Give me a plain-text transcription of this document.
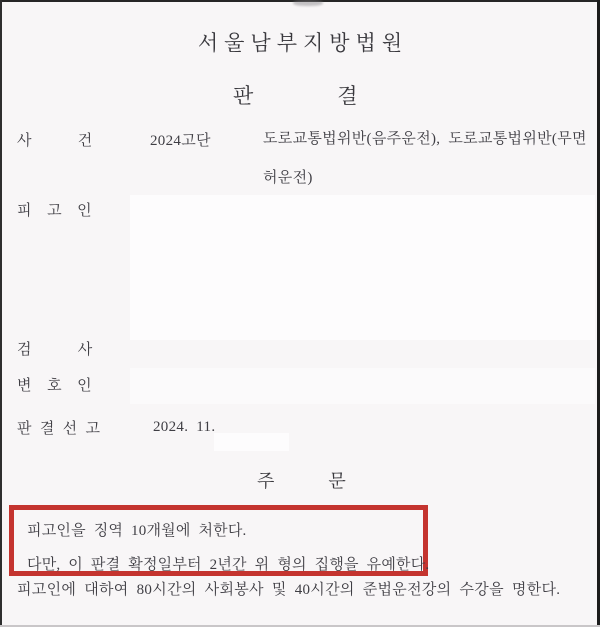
서울남부지방법원
판　　　　결
사　　　건	2024고단	도로교통법위반(음주운전), 도로교통법위반(무면
허운전)
피　고　인
검　　　사
변　호　인
판 결 선 고	2024. 11.
주　　　문
피고인을 징역 10개월에 처한다.
다만, 이 판결 확정일부터 2년간 위 형의 집행을 유예한다.
피고인에 대하여 80시간의 사회봉사 및 40시간의 준법운전강의 수강을 명한다.
